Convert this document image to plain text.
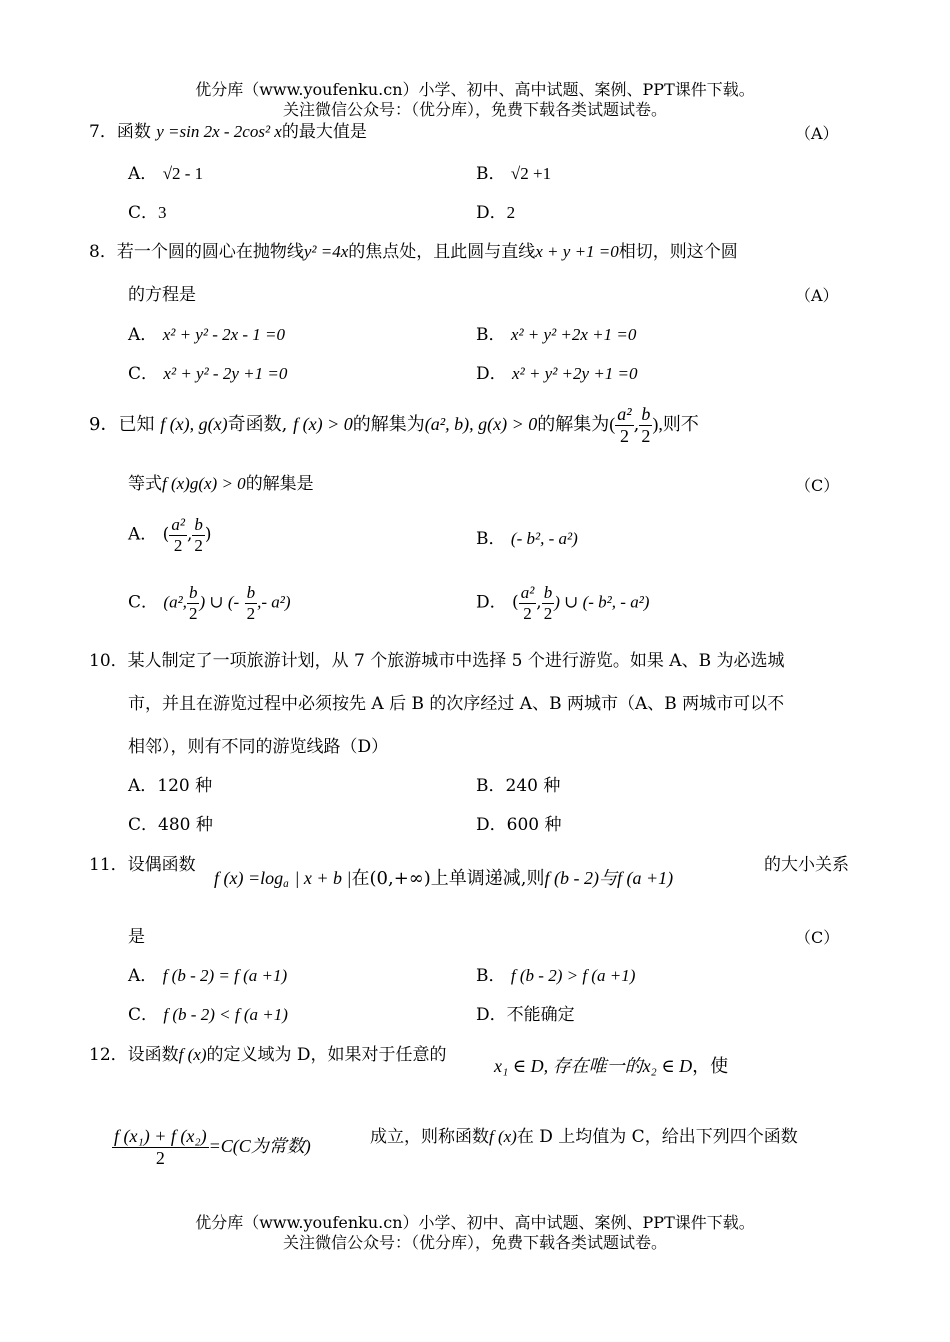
优分库（www.youfenku.cn）小学、初中、高中试题、案例、PPT课件下载。
关注微信公众号：（优分库），免费下载各类试题试卷。
7．函数 y =sin 2x - 2cos² x的最大值是	（A）
A． √2 - 1	B． √2 +1
C．3	D．2
8．若一个圆的圆心在抛物线y² =4x的焦点处，且此圆与直线x + y +1 =0相切，则这个圆
的方程是	（A）
A． x² + y² - 2x - 1 =0	B． x² + y² +2x +1 =0
C． x² + y² - 2y +1 =0	D． x² + y² +2y +1 =0
9．已知 f (x), g(x)奇函数, f (x) > 0的解集为(a², b), g(x) > 0的解集为( $\frac{\text{a²}}{2}$ , $\frac{b}{2}$ ),则不
等式f (x)g(x) > 0的解集是	（C）
A． ( $\frac{\text{a²}}{2}$ , $\frac{b}{2}$ )	B． (- b², - a²)
C． (a², $\frac{b}{2}$ ) ∪ (- $\frac{b}{2}$ ,- a²)	D． ( $\frac{\text{a²}}{2}$ , $\frac{b}{2}$ ) ∪ (- b², - a²)
10．某人制定了一项旅游计划，从 7 个旅游城市中选择 5 个进行游览。如果 A、B 为必选城
市，并且在游览过程中必须按先 A 后 B 的次序经过 A、B 两城市（A、B 两城市可以不
相邻），则有不同的游览线路（D）
A．120 种	B．240 种
C．480 种	D．600 种
11．设偶函数
f $(x) =\log_a$ | x + b |在(0,+∞)上单调递减,则f (b - 2)与f (a +1)
的大小关系
是	（C）
A． f (b - 2) = f (a +1)	B． f (b - 2) > f (a +1)
C． f (b - 2) < f (a +1)	D．不能确定
12．设函数f (x)的定义域为 D，如果对于任意的
x₁ ∈ D, 存在唯一的x₂ ∈ D，使
$\frac{\text{f (x₁) + f (x₂)}}{2} =C(C$为常数)	成立，则称函数f (x)在 D 上均值为 C，给出下列四个函数
优分库（www.youfenku.cn）小学、初中、高中试题、案例、PPT课件下载。
关注微信公众号：（优分库），免费下载各类试题试卷。
